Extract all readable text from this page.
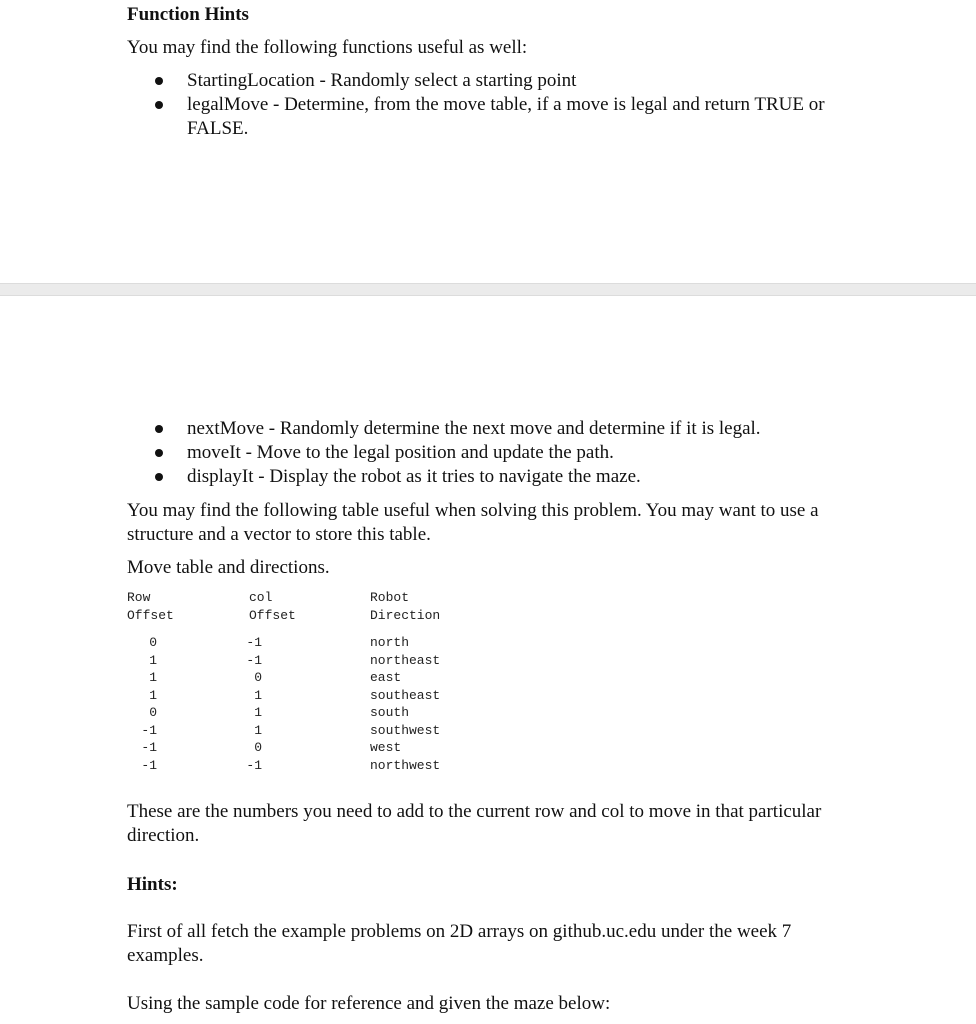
Function Hints
You may find the following functions useful as well:
StartingLocation - Randomly select a starting point
legalMove - Determine, from the move table, if a move is legal and return TRUE or FALSE.
nextMove - Randomly determine the next move and determine if it is legal.
moveIt - Move to the legal position and update the path.
displayIt - Display the robot as it tries to navigate the maze.
You may find the following table useful when solving this problem. You may want to use a structure and a vector to store this table.
Move table and directions.
Row
Offset
col
Offset
Robot
Direction
0
1
1
1
0
-1
-1
-1
-1
-1
0
1
1
1
0
-1
north
northeast
east
southeast
south
southwest
west
northwest
These are the numbers you need to add to the current row and col to move in that particular direction.
Hints:
First of all fetch the example problems on 2D arrays on github.uc.edu under the week 7 examples.
Using the sample code for reference and given the maze below:
